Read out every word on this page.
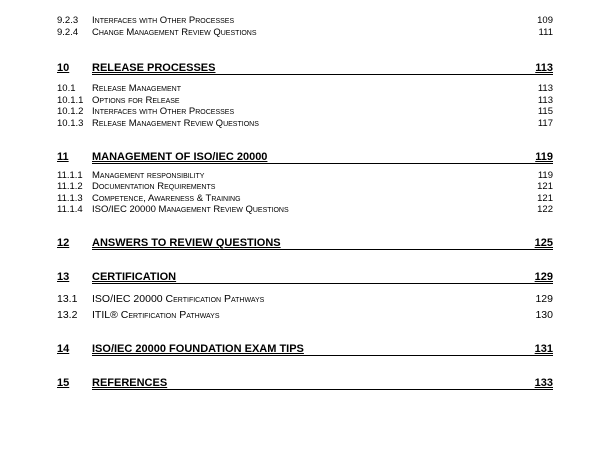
9.2.3 Interfaces with Other Processes	109
9.2.4 Change Management Review Questions	111
10 RELEASE PROCESSES	113
10.1 Release Management	113
10.1.1 Options for Release	113
10.1.2 Interfaces with Other Processes	115
10.1.3 Release Management Review Questions	117
11 MANAGEMENT OF ISO/IEC 20000	119
11.1.1 Management responsibility	119
11.1.2 Documentation Requirements	121
11.1.3 Competence, Awareness & Training	121
11.1.4 ISO/IEC 20000 Management Review Questions	122
12 ANSWERS TO REVIEW QUESTIONS	125
13 CERTIFICATION	129
13.1 ISO/IEC 20000 Certification Pathways	129
13.2 ITIL® Certification Pathways	130
14 ISO/IEC 20000 FOUNDATION EXAM TIPS	131
15 REFERENCES	133
